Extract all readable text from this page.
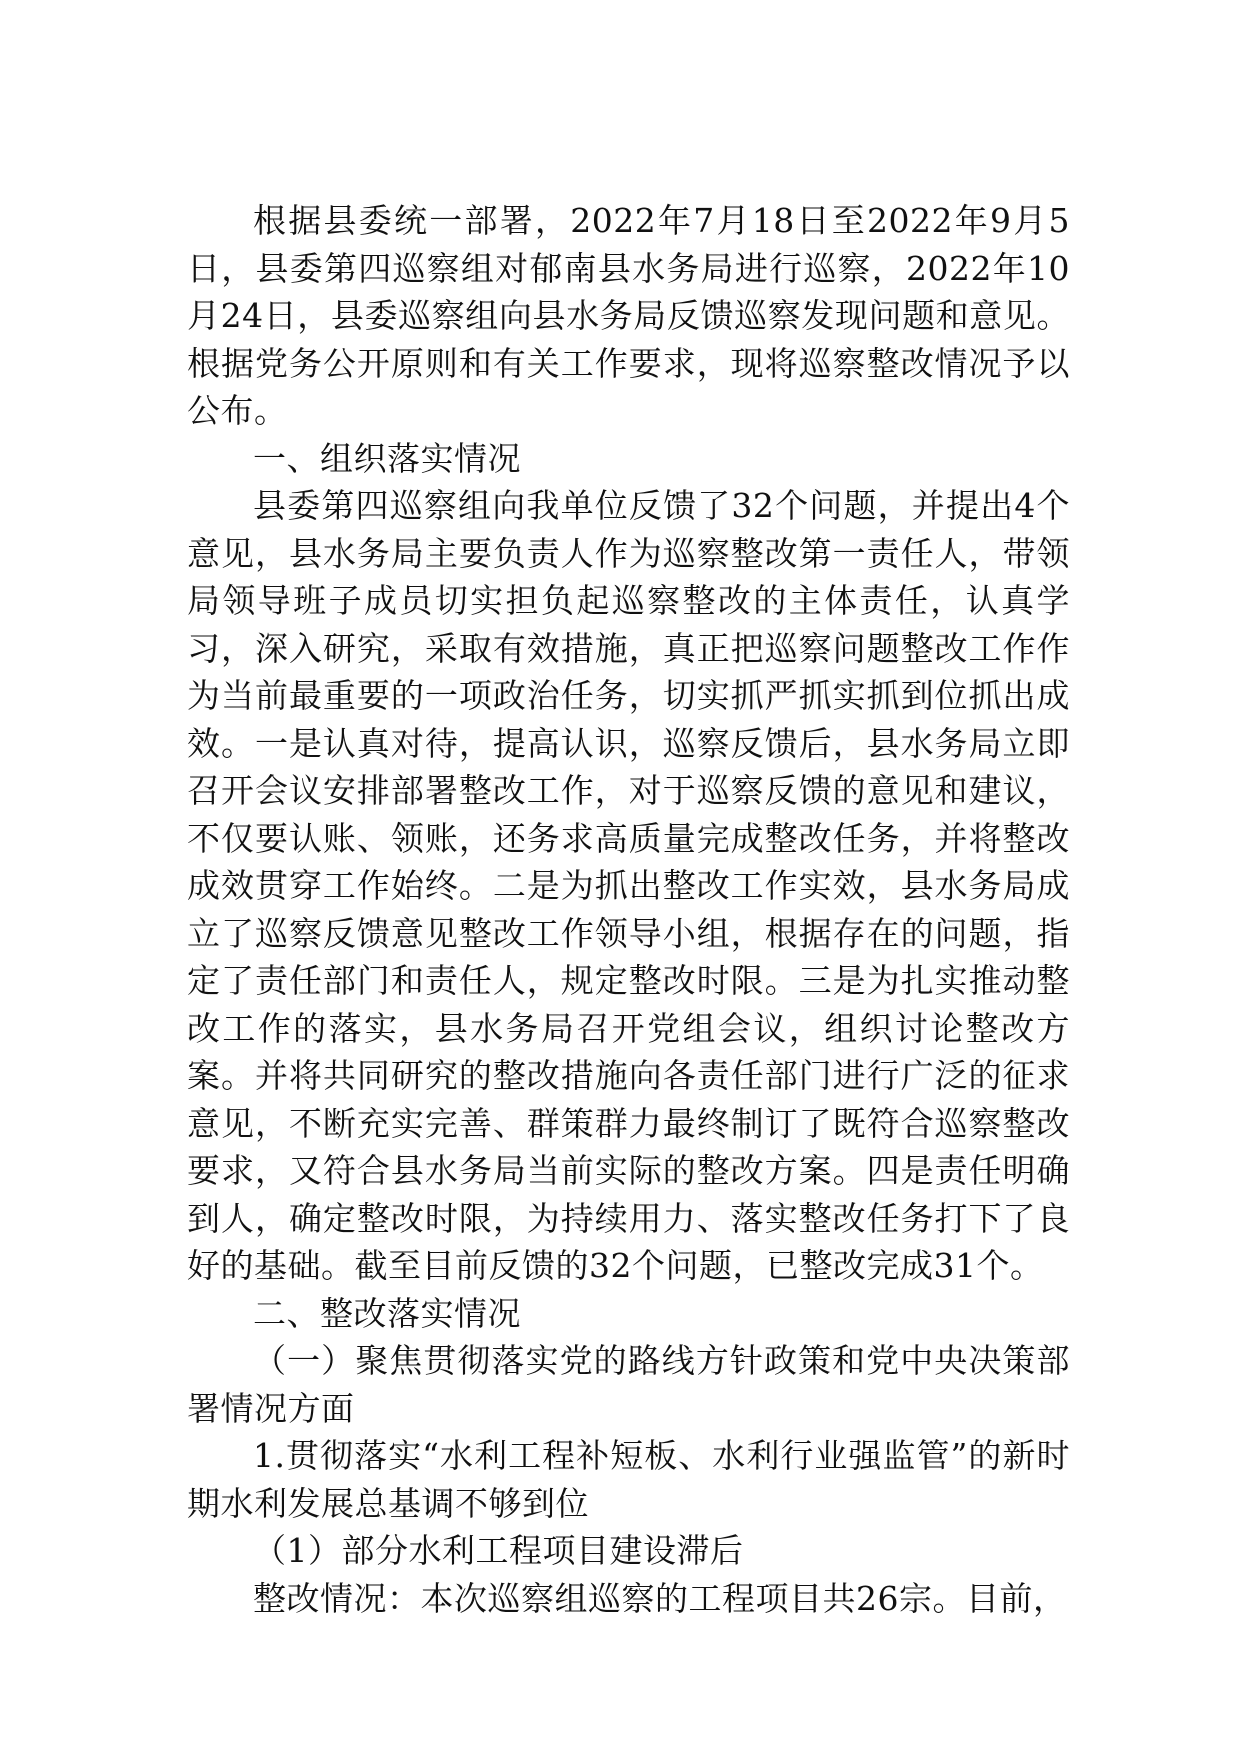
根据县委统一部署，2022年7月18日至2022年9月5日，县委第四巡察组对郁南县水务局进行巡察，2022年10月24日，县委巡察组向县水务局反馈巡察发现问题和意见。根据党务公开原则和有关工作要求，现将巡察整改情况予以公布。

一、组织落实情况

县委第四巡察组向我单位反馈了32个问题，并提出4个意见，县水务局主要负责人作为巡察整改第一责任人，带领局领导班子成员切实担负起巡察整改的主体责任，认真学习，深入研究，采取有效措施，真正把巡察问题整改工作作为当前最重要的一项政治任务，切实抓严抓实抓到位抓出成效。一是认真对待，提高认识，巡察反馈后，县水务局立即召开会议安排部署整改工作，对于巡察反馈的意见和建议，不仅要认账、领账，还务求高质量完成整改任务，并将整改成效贯穿工作始终。二是为抓出整改工作实效，县水务局成立了巡察反馈意见整改工作领导小组，根据存在的问题，指定了责任部门和责任人，规定整改时限。三是为扎实推动整改工作的落实，县水务局召开党组会议，组织讨论整改方案。并将共同研究的整改措施向各责任部门进行广泛的征求意见，不断充实完善、群策群力最终制订了既符合巡察整改要求，又符合县水务局当前实际的整改方案。四是责任明确到人，确定整改时限，为持续用力、落实整改任务打下了良好的基础。截至目前反馈的32个问题，已整改完成31个。

二、整改落实情况

（一）聚焦贯彻落实党的路线方针政策和党中央决策部署情况方面

1.贯彻落实“水利工程补短板、水利行业强监管”的新时期水利发展总基调不够到位

（1）部分水利工程项目建设滞后

整改情况：本次巡察组巡察的工程项目共26宗。目前，
